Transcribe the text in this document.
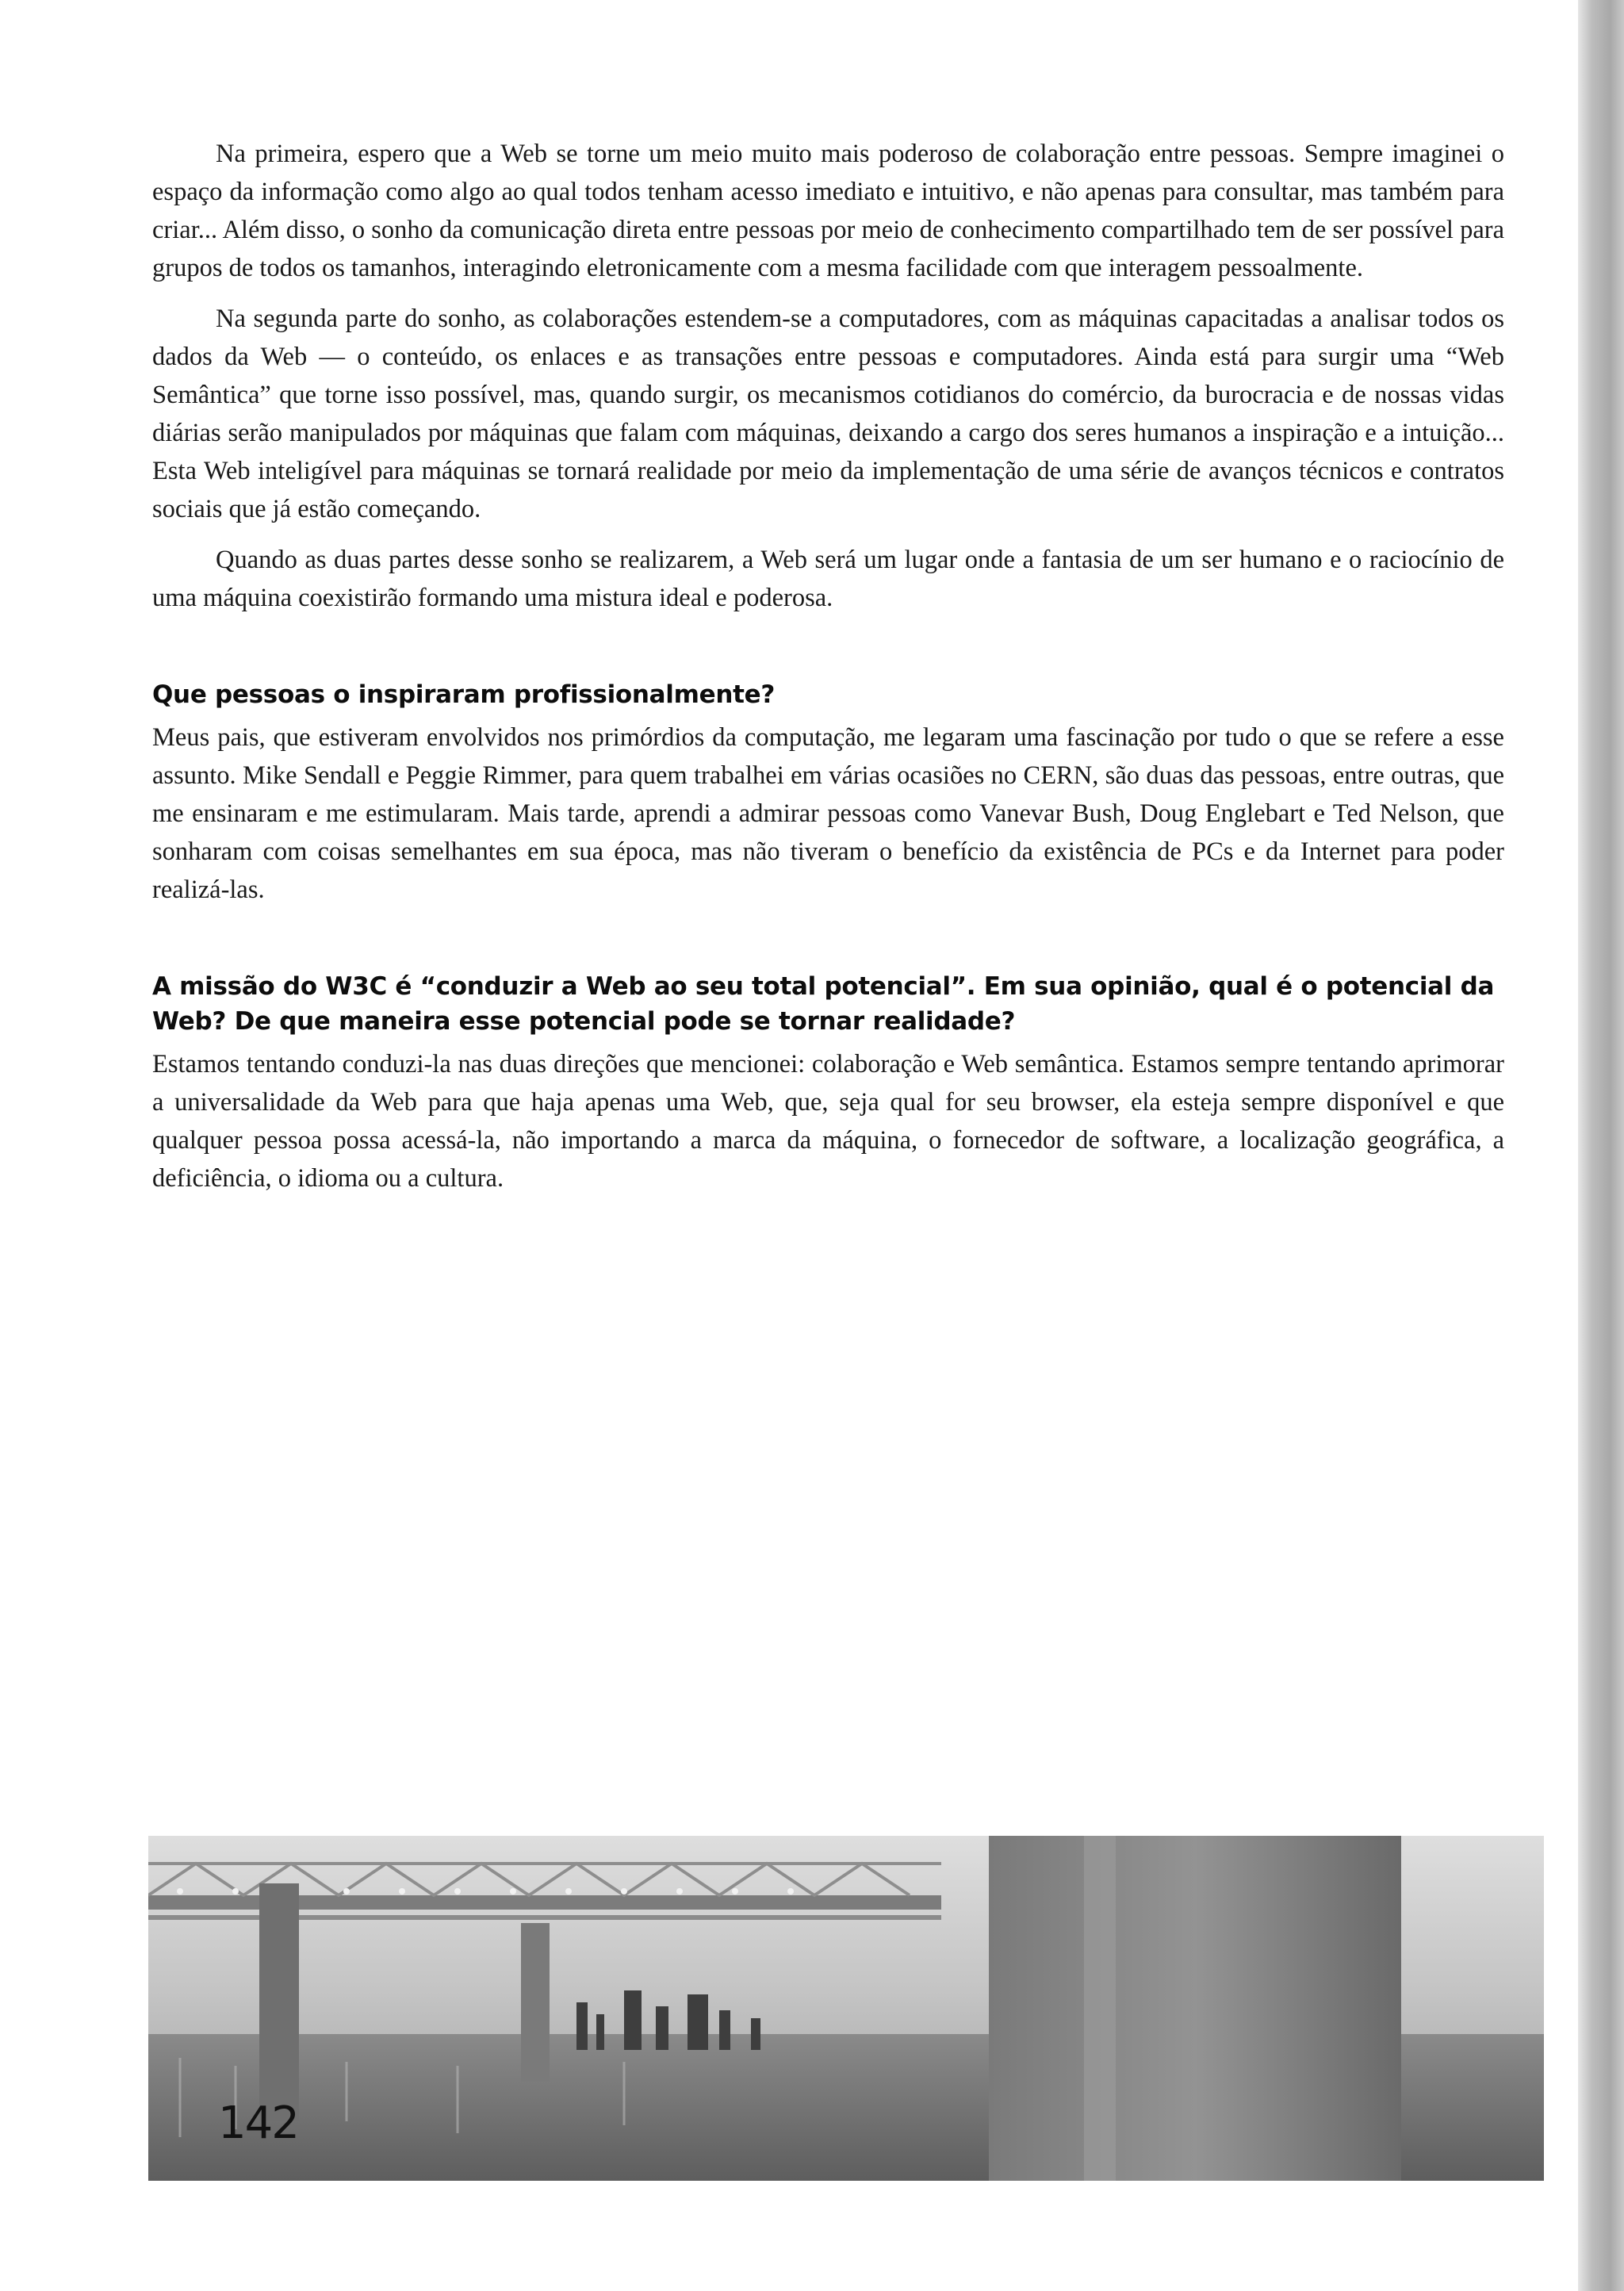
Na primeira, espero que a Web se torne um meio muito mais poderoso de colaboração entre pessoas. Sempre imaginei o espaço da informação como algo ao qual todos tenham acesso imediato e intuitivo, e não apenas para consultar, mas também para criar... Além disso, o sonho da comunicação direta entre pessoas por meio de conhecimento compartilhado tem de ser possível para grupos de todos os tamanhos, interagindo eletronicamente com a mesma facilidade com que interagem pessoalmente.

Na segunda parte do sonho, as colaborações estendem-se a computadores, com as máquinas capacitadas a analisar todos os dados da Web — o conteúdo, os enlaces e as transações entre pessoas e computadores. Ainda está para surgir uma “Web Semântica” que torne isso possível, mas, quando surgir, os mecanismos cotidianos do comércio, da burocracia e de nossas vidas diárias serão manipulados por máquinas que falam com máquinas, deixando a cargo dos seres humanos a inspiração e a intuição... Esta Web inteligível para máquinas se tornará realidade por meio da implementação de uma série de avanços técnicos e contratos sociais que já estão começando.

Quando as duas partes desse sonho se realizarem, a Web será um lugar onde a fantasia de um ser humano e o raciocínio de uma máquina coexistirão formando uma mistura ideal e poderosa.

Que pessoas o inspiraram profissionalmente?

Meus pais, que estiveram envolvidos nos primórdios da computação, me legaram uma fascinação por tudo o que se refere a esse assunto. Mike Sendall e Peggie Rimmer, para quem trabalhei em várias ocasiões no CERN, são duas das pessoas, entre outras, que me ensinaram e me estimularam. Mais tarde, aprendi a admirar pessoas como Vanevar Bush, Doug Englebart e Ted Nelson, que sonharam com coisas semelhantes em sua época, mas não tiveram o benefício da existência de PCs e da Internet para poder realizá-las.

A missão do W3C é “conduzir a Web ao seu total potencial”. Em sua opinião, qual é o potencial da Web? De que maneira esse potencial pode se tornar realidade?

Estamos tentando conduzi-la nas duas direções que mencionei: colaboração e Web semântica. Estamos sempre tentando aprimorar a universalidade da Web para que haja apenas uma Web, que, seja qual for seu browser, ela esteja sempre disponível e que qualquer pessoa possa acessá-la, não importando a marca da máquina, o fornecedor de software, a localização geográfica, a deficiência, o idioma ou a cultura.

142
